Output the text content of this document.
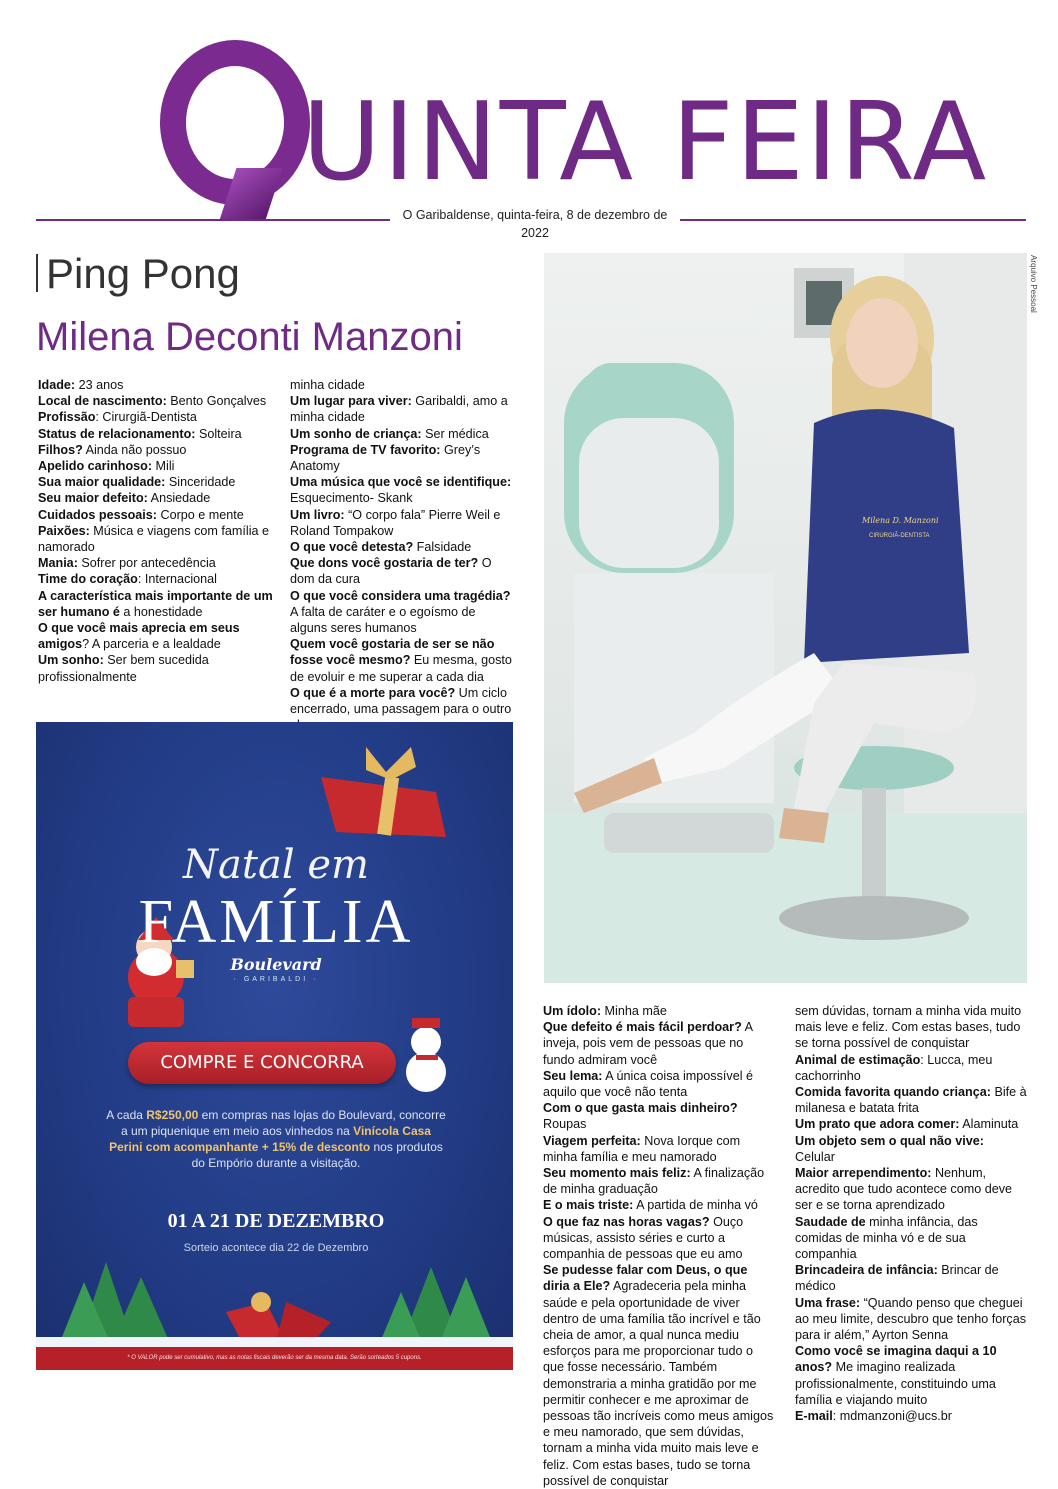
UINTA FEIRA
O Garibaldense, quinta-feira, 8 de dezembro de 2022
Ping Pong
Milena Deconti Manzoni

Idade: 23 anos

Local de nascimento: Bento Gonçalves

Profissão: Cirurgiã-Dentista

Status de relacionamento: Solteira

Filhos? Ainda não possuo

Apelido carinhoso: Mili

Sua maior qualidade: Sinceridade

Seu maior defeito: Ansiedade

Cuidados pessoais: Corpo e mente

Paixões: Música e viagens com família e namorado

Mania: Sofrer por antecedência

Time do coração: Internacional

A característica mais importante de um ser humano é a honestidade

O que você mais aprecia em seus amigos? A parceria e a lealdade

Um sonho: Ser bem sucedida profissionalmente

minha cidade

Um lugar para viver: Garibaldi, amo a minha cidade

Um sonho de criança: Ser médica

Programa de TV favorito: Grey’s Anatomy

Uma música que você se identifique: Esquecimento- Skank

Um livro: “O corpo fala” Pierre Weil e Roland Tompakow

O que você detesta? Falsidade

Que dons você gostaria de ter? O dom da cura

O que você considera uma tragédia? A falta de caráter e o egoísmo de alguns seres humanos

Quem você gostaria de ser se não fosse você mesmo? Eu mesma, gosto de evoluir e me superar a cada dia

O que é a morte para você? Um ciclo encerrado, uma passagem para o outro

Um ídolo: Minha mãe

Que defeito é mais fácil perdoar? A inveja, pois vem de pessoas que no fundo admiram você

Seu lema: A única coisa impossível é aquilo que você não tenta

Com o que gasta mais dinheiro? Roupas

Viagem perfeita: Nova Iorque com minha família e meu namorado

Seu momento mais feliz: A finalização de minha graduação

E o mais triste: A partida de minha vó

O que faz nas horas vagas? Ouço músicas, assisto séries e curto a companhia de pessoas que eu amo

Se pudesse falar com Deus, o que diria a Ele? Agradeceria pela minha saúde e pela oportunidade de viver dentro de uma família tão incrível e tão cheia de amor, a qual nunca mediu esforços para me proporcionar tudo o que fosse necessário. Também demonstraria a minha gratidão por me permitir conhecer e me aproximar de pessoas tão incríveis como meus amigos e meu namorado, que sem dúvidas, tornam a minha vida muito mais leve e feliz. Com estas bases, tudo se torna possível de conquistar

sem dúvidas, tornam a minha vida muito mais leve e feliz. Com estas bases, tudo se torna possível de conquistar

Animal de estimação: Lucca, meu cachorrinho

Comida favorita quando criança: Bife à milanesa e batata frita

Um prato que adora comer: Alaminuta

Um objeto sem o qual não vive: Celular

Maior arrependimento: Nenhum, acredito que tudo acontece como deve ser e se torna aprendizado

Saudade de minha infância, das comidas de minha vó e de sua companhia

Brincadeira de infância: Brincar de médico

Uma frase: “Quando penso que cheguei ao meu limite, descubro que tenho forças para ir além,” Ayrton Senna

Como você se imagina daqui a 10 anos? Me imagino realizada profissionalmente, constituindo uma família e viajando muito

E-mail: mdmanzoni@ucs.br

Milena D. Manzoni
CIRURGIÃ-DENTISTA
Arquivo Pessoal
Natal em
FAMÍLIA
Boulevard
· GARIBALDI ·
COMPRE E CONCORRA
A cada R$250,00 em compras nas lojas do Boulevard, concorre a um piquenique em meio aos vinhedos na Vinícola Casa Perini com acompanhante + 15% de desconto nos produtos do Empório durante a visitação.
01 A 21 DE DEZEMBRO
Sorteio acontece dia 22 de Dezembro
* O VALOR pode ser cumulativo, mas as notas fiscais deverão ser da mesma data. Serão sorteados 5 cupons.
